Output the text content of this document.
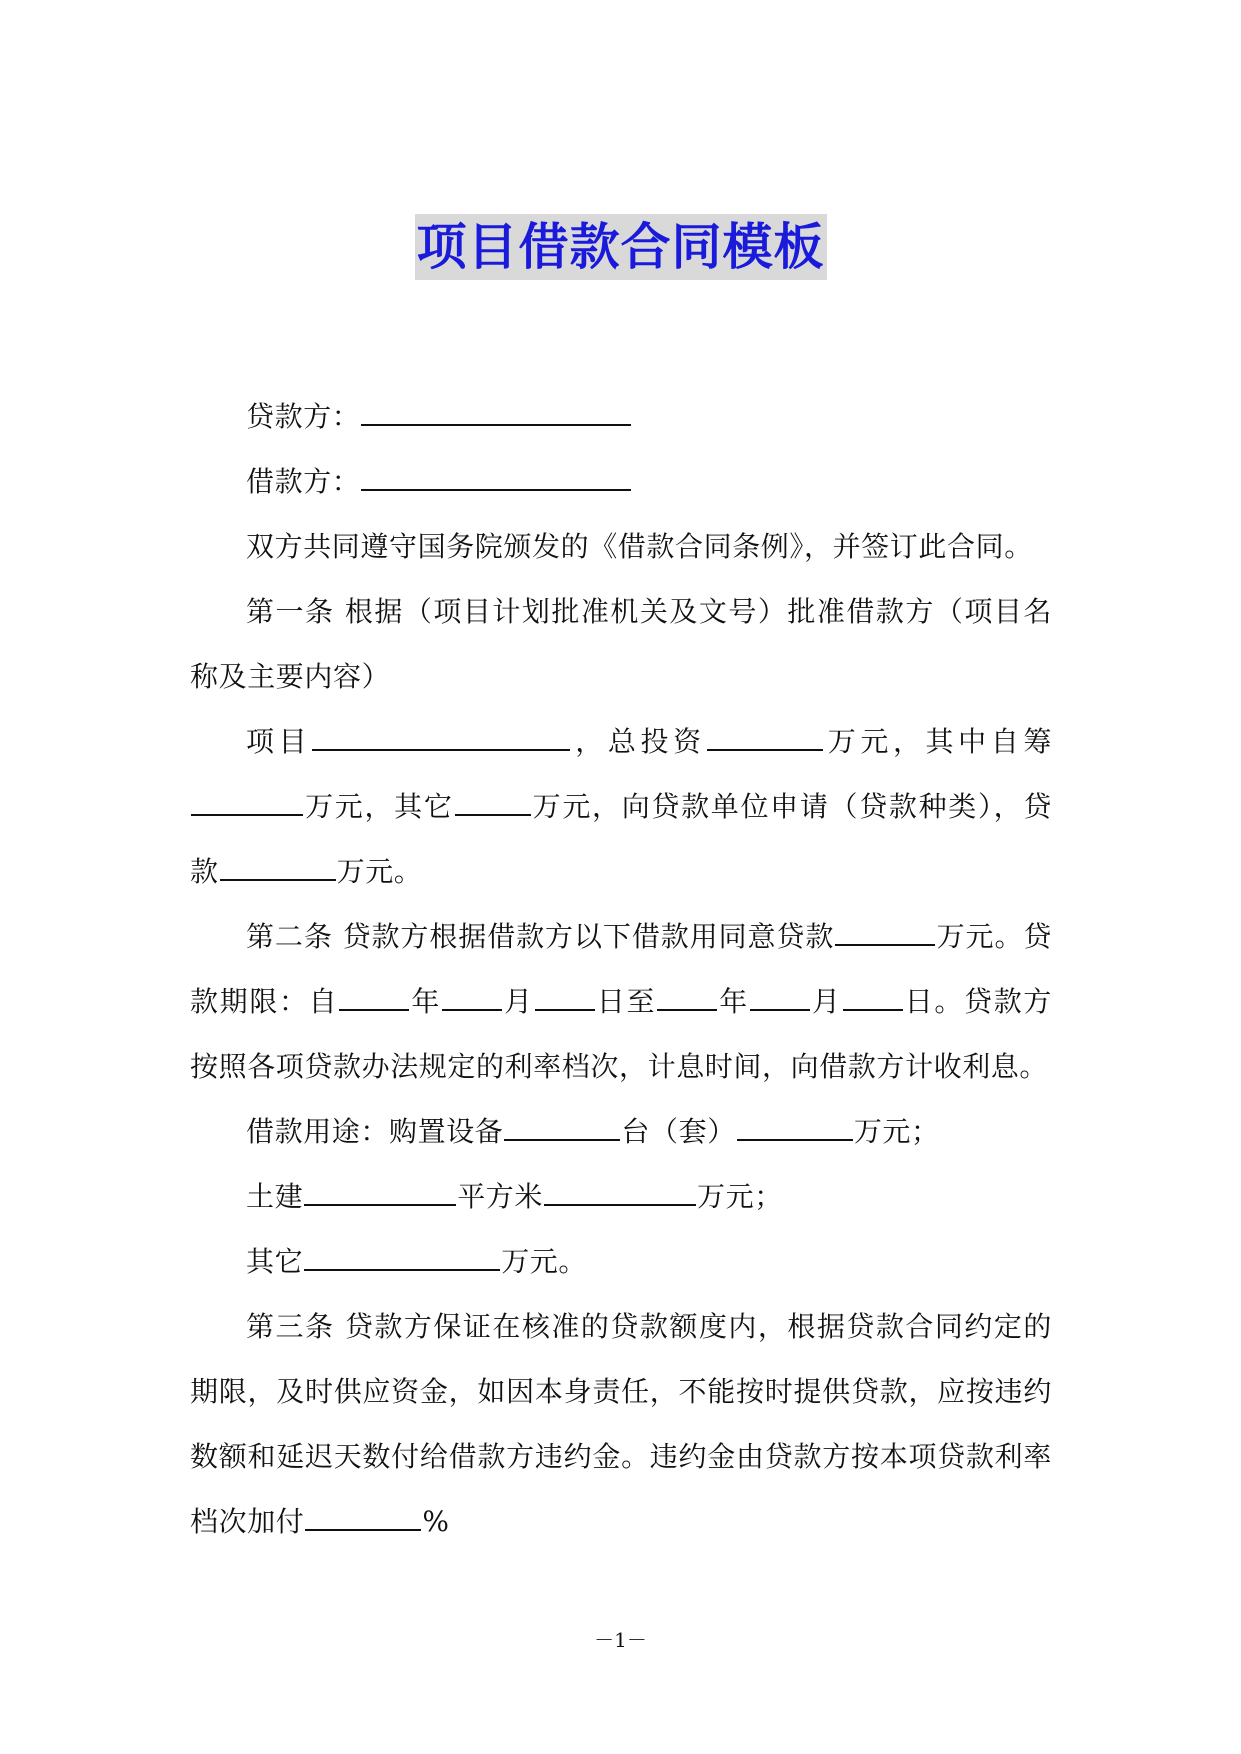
项目借款合同模板

贷款方：

借款方：

双方共同遵守国务院颁发的《借款合同条例》，并签订此合同。

第一条 根据（项目计划批准机关及文号）批准借款方（项目名称及主要内容）

项目	，总投资	万元，其中自筹万元，其它	万元，向贷款单位申请（贷款种类），贷款	万元。

第二条 贷款方根据借款方以下借款用同意贷款	万元。贷款期限：自	年 月 日至 年 月 日。贷款方按照各项贷款办法规定的利率档次，计息时间，向借款方计收利息。

借款用途：购置设备	台（套）	万元；

土建	平方米	万元；

其它	万元。

第三条 贷款方保证在核准的贷款额度内，根据贷款合同约定的期限，及时供应资金，如因本身责任，不能按时提供贷款，应按违约数额和延迟天数付给借款方违约金。违约金由贷款方按本项贷款利率档次加付	%

－1－
